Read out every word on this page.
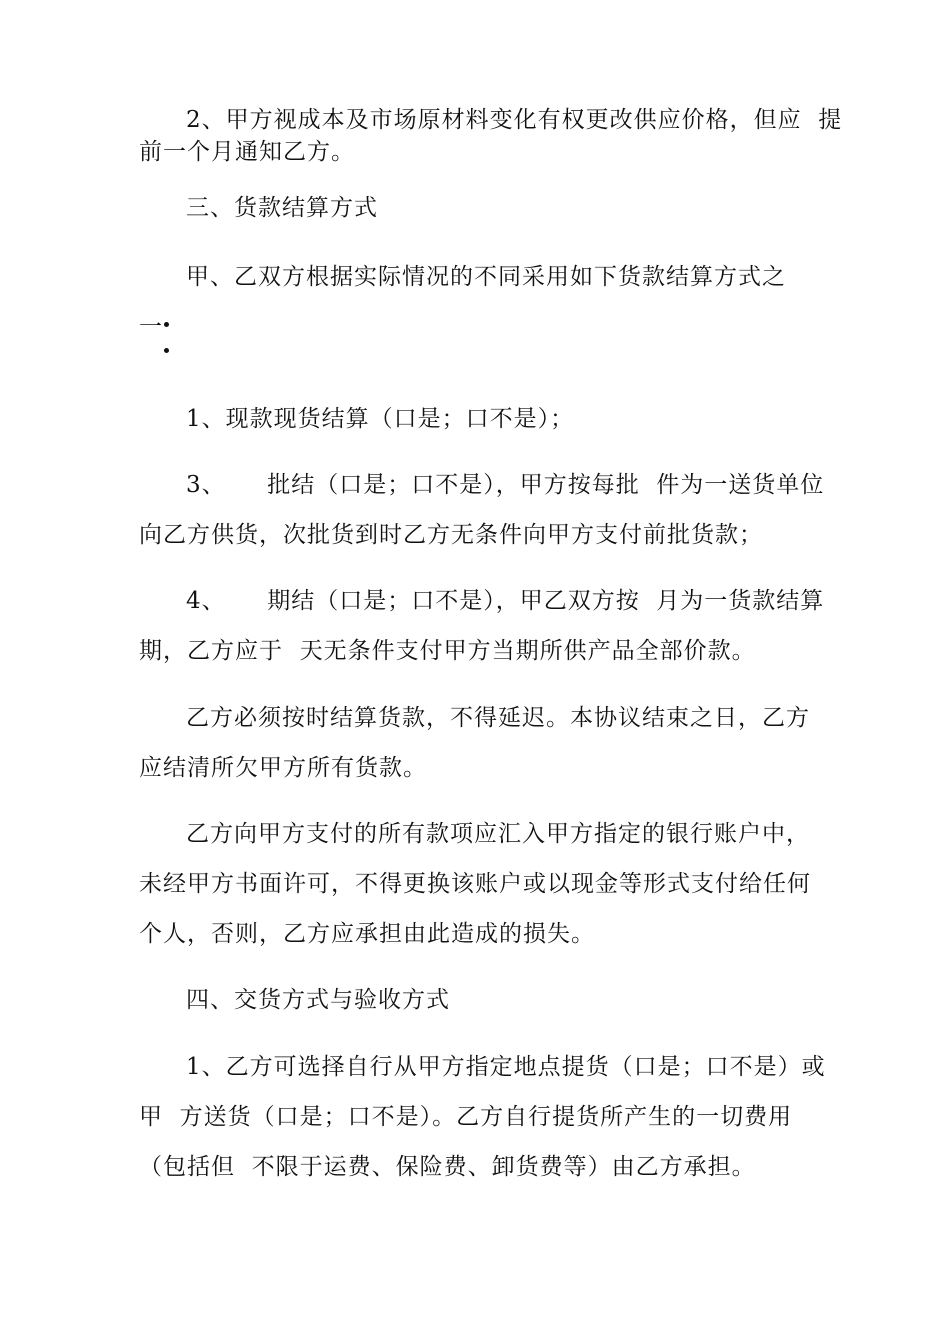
2、甲方视成本及市场原材料变化有权更改供应价格，但应  提
前一个月通知乙方。
三、货款结算方式
甲、乙双方根据实际情况的不同采用如下货款结算方式之
一
1、现款现货结算（口是；口不是）；
3、     批结（口是；口不是），甲方按每批  件为一送货单位
向乙方供货，次批货到时乙方无条件向甲方支付前批货款；
4、     期结（口是；口不是），甲乙双方按  月为一货款结算
期，乙方应于  天无条件支付甲方当期所供产品全部价款。
乙方必须按时结算货款，不得延迟。本协议结束之日，乙方
应结清所欠甲方所有货款。
乙方向甲方支付的所有款项应汇入甲方指定的银行账户中，
未经甲方书面许可，不得更换该账户或以现金等形式支付给任何
个人，否则，乙方应承担由此造成的损失。
四、交货方式与验收方式
1、乙方可选择自行从甲方指定地点提货（口是；口不是）或
甲  方送货（口是；口不是）。乙方自行提货所产生的一切费用
（包括但  不限于运费、保险费、卸货费等）由乙方承担。
